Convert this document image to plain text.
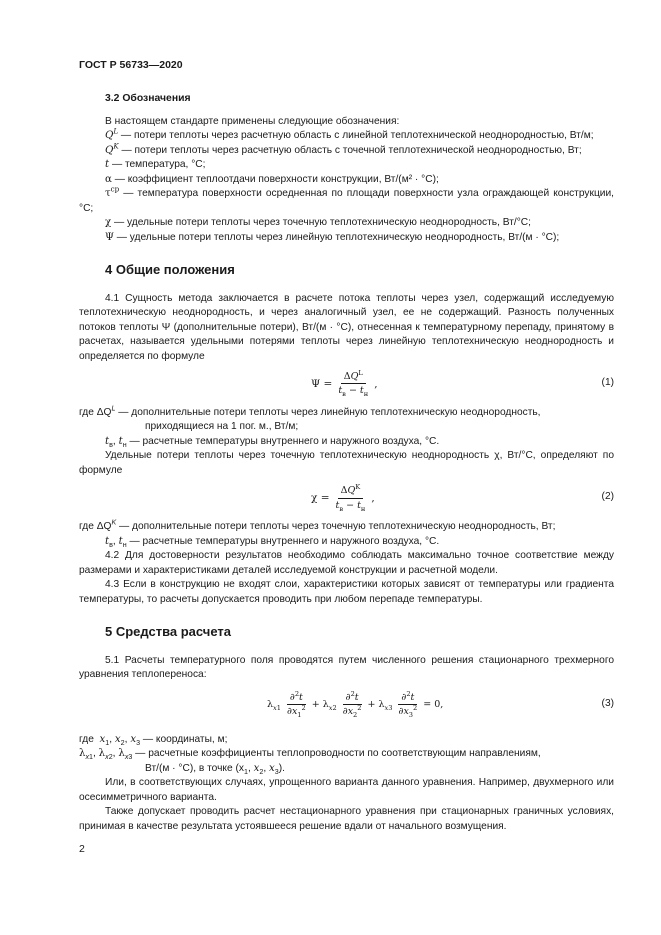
ГОСТ Р 56733—2020
3.2 Обозначения

В настоящем стандарте применены следующие обозначения:

$Q^L$ — потери теплоты через расчетную область с линейной теплотехнической неоднородностью, Вт/м;

$Q^K$ — потери теплоты через расчетную область с точечной теплотехнической неоднородностью, Вт;

t — температура, °С;

α — коэффициент теплоотдачи поверхности конструкции, Вт/(м² · °С);

$\tau^{ср}$ — температура поверхности осредненная по площади поверхности узла ограждающей конструкции, °С;

χ — удельные потери теплоты через точечную теплотехническую неоднородность, Вт/°С;

Ψ — удельные потери теплоты через линейную теплотехническую неоднородность, Вт/(м · °С);

4 Общие положения

4.1 Сущность метода заключается в расчете потока теплоты через узел, содержащий исследуемую теплотехническую неоднородность, и через аналогичный узел, ее не содержащий. Разность полученных потоков теплоты Ψ (дополнительные потери), Вт/(м · °С), отнесенная к температурному перепаду, принятому в расчетах, называется удельными потерями теплоты через линейную теплотехническую неоднородность и определяется по формуле

$\Psi = \frac{\Delta Q^L}{t_в - t_н}$ ,	(1)

где $\Delta Q^L$ — дополнительные потери теплоты через линейную теплотехническую неоднородность,

приходящиеся на 1 пог. м., Вт/м;

$t_в$, $t_н$ — расчетные температуры внутреннего и наружного воздуха, °С.

Удельные потери теплоты через точечную теплотехническую неоднородность χ, Вт/°С, определяют по формуле

$\chi = \frac{\Delta Q^K}{t_в - t_н}$ ,	(2)

где $\Delta Q^K$ — дополнительные потери теплоты через точечную теплотехническую неоднородность, Вт;

$t_в$, $t_н$ — расчетные температуры внутреннего и наружного воздуха, °С.

4.2 Для достоверности результатов необходимо соблюдать максимально точное соответствие между размерами и характеристиками деталей исследуемой конструкции и расчетной модели.

4.3 Если в конструкцию не входят слои, характеристики которых зависят от температуры или градиента температуры, то расчеты допускается проводить при любом перепаде температуры.

5 Средства расчета

5.1 Расчеты температурного поля проводятся путем численного решения стационарного трехмерного уравнения теплопереноса:

$\lambda_{x1} \frac{\partial^2t}{\partial x_1^2} + \lambda_{x2} \frac{\partial^2t}{\partial x_2^2} + \lambda_{x3} \frac{\partial^2t}{\partial x_3^2} = 0$,	(3)

где  $x_1$, $x_2$, $x_3$ — координаты, м;

$\lambda_{x1}$, $\lambda_{x2}$, $\lambda_{x3}$ — расчетные коэффициенты теплопроводности по соответствующим направлениям,

Вт/(м · °С), в точке ($x_1$, $x_2$, $x_3$).

Или, в соответствующих случаях, упрощенного варианта данного уравнения. Например, двухмерного или осесимметричного варианта.

Также допускает проводить расчет нестационарного уравнения при стационарных граничных условиях, принимая в качестве результата устоявшееся решение вдали от начального возмущения.

2
